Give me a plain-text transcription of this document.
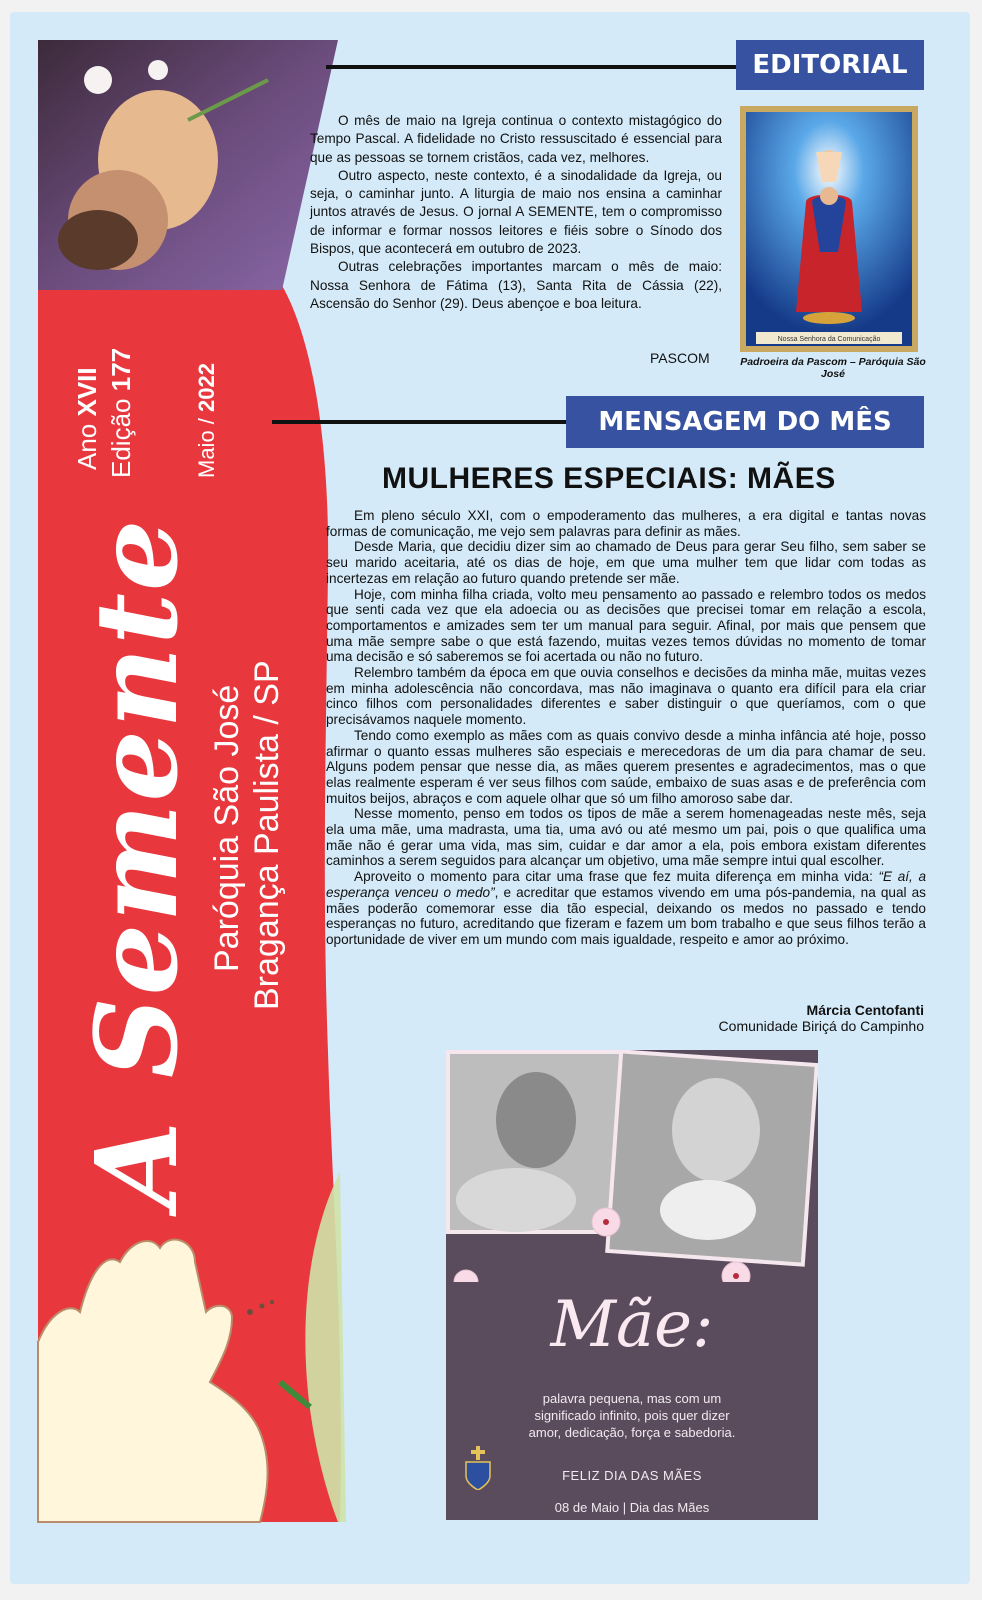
Ano XVII
Edição 177
Maio / 2022
A Semente Paróquia São José Bragança Paulista / SP
EDITORIAL

O mês de maio na Igreja continua o contexto mistagógico do Tempo Pascal. A fidelidade no Cristo ressuscitado é essencial para que as pessoas se tornem cristãos, cada vez, melhores.

Outro aspecto, neste contexto, é a sinodalidade da Igreja, ou seja, o caminhar junto. A liturgia de maio nos ensina a caminhar juntos através de Jesus. O jornal A SEMENTE, tem o compromisso de informar e formar nossos leitores e fiéis sobre o Sínodo dos Bispos, que acontecerá em outubro de 2023.

Outras celebrações importantes marcam o mês de maio: Nossa Senhora de Fátima (13), Santa Rita de Cássia (22), Ascensão do Senhor (29). Deus abençoe e boa leitura.

PASCOM
Nossa Senhora da Comunicação
Padroeira da Pascom – Paróquia São José
MENSAGEM DO MÊS
MULHERES ESPECIAIS: MÃES

Em pleno século XXI, com o empoderamento das mulheres, a era digital e tantas novas formas de comunicação, me vejo sem palavras para definir as mães.

Desde Maria, que decidiu dizer sim ao chamado de Deus para gerar Seu filho, sem saber se seu marido aceitaria, até os dias de hoje, em que uma mulher tem que lidar com todas as incertezas em relação ao futuro quando pretende ser mãe.

Hoje, com minha filha criada, volto meu pensamento ao passado e relembro todos os medos que senti cada vez que ela adoecia ou as decisões que precisei tomar em relação a escola, comportamentos e amizades sem ter um manual para seguir. Afinal, por mais que pensem que uma mãe sempre sabe o que está fazendo, muitas vezes temos dúvidas no momento de tomar uma decisão e só saberemos se foi acertada ou não no futuro.

Relembro também da época em que ouvia conselhos e decisões da minha mãe, muitas vezes em minha adolescência não concordava, mas não imaginava o quanto era difícil para ela criar cinco filhos com personalidades diferentes e saber distinguir o que queríamos, com o que precisávamos naquele momento.

Tendo como exemplo as mães com as quais convivo desde a minha infância até hoje, posso afirmar o quanto essas mulheres são especiais e merecedoras de um dia para chamar de seu. Alguns podem pensar que nesse dia, as mães querem presentes e agradecimentos, mas o que elas realmente esperam é ver seus filhos com saúde, embaixo de suas asas e de preferência com muitos beijos, abraços e com aquele olhar que só um filho amoroso sabe dar.

Nesse momento, penso em todos os tipos de mãe a serem homenageadas neste mês, seja ela uma mãe, uma madrasta, uma tia, uma avó ou até mesmo um pai, pois o que qualifica uma mãe não é gerar uma vida, mas sim, cuidar e dar amor a ela, pois embora existam diferentes caminhos a serem seguidos para alcançar um objetivo, uma mãe sempre intui qual escolher.

Aproveito o momento para citar uma frase que fez muita diferença em minha vida: “E aí, a esperança venceu o medo”, e acreditar que estamos vivendo em uma pós-pandemia, na qual as mães poderão comemorar esse dia tão especial, deixando os medos no passado e tendo esperanças no futuro, acreditando que fizeram e fazem um bom trabalho e que seus filhos terão a oportunidade de viver em um mundo com mais igualdade, respeito e amor ao próximo.

Márcia Centofanti
Comunidade Biriçá do Campinho
Mãe:
palavra pequena, mas com um
significado infinito, pois quer dizer
amor, dedicação, força e sabedoria.
FELIZ DIA DAS MÃES
08 de Maio | Dia das Mães
